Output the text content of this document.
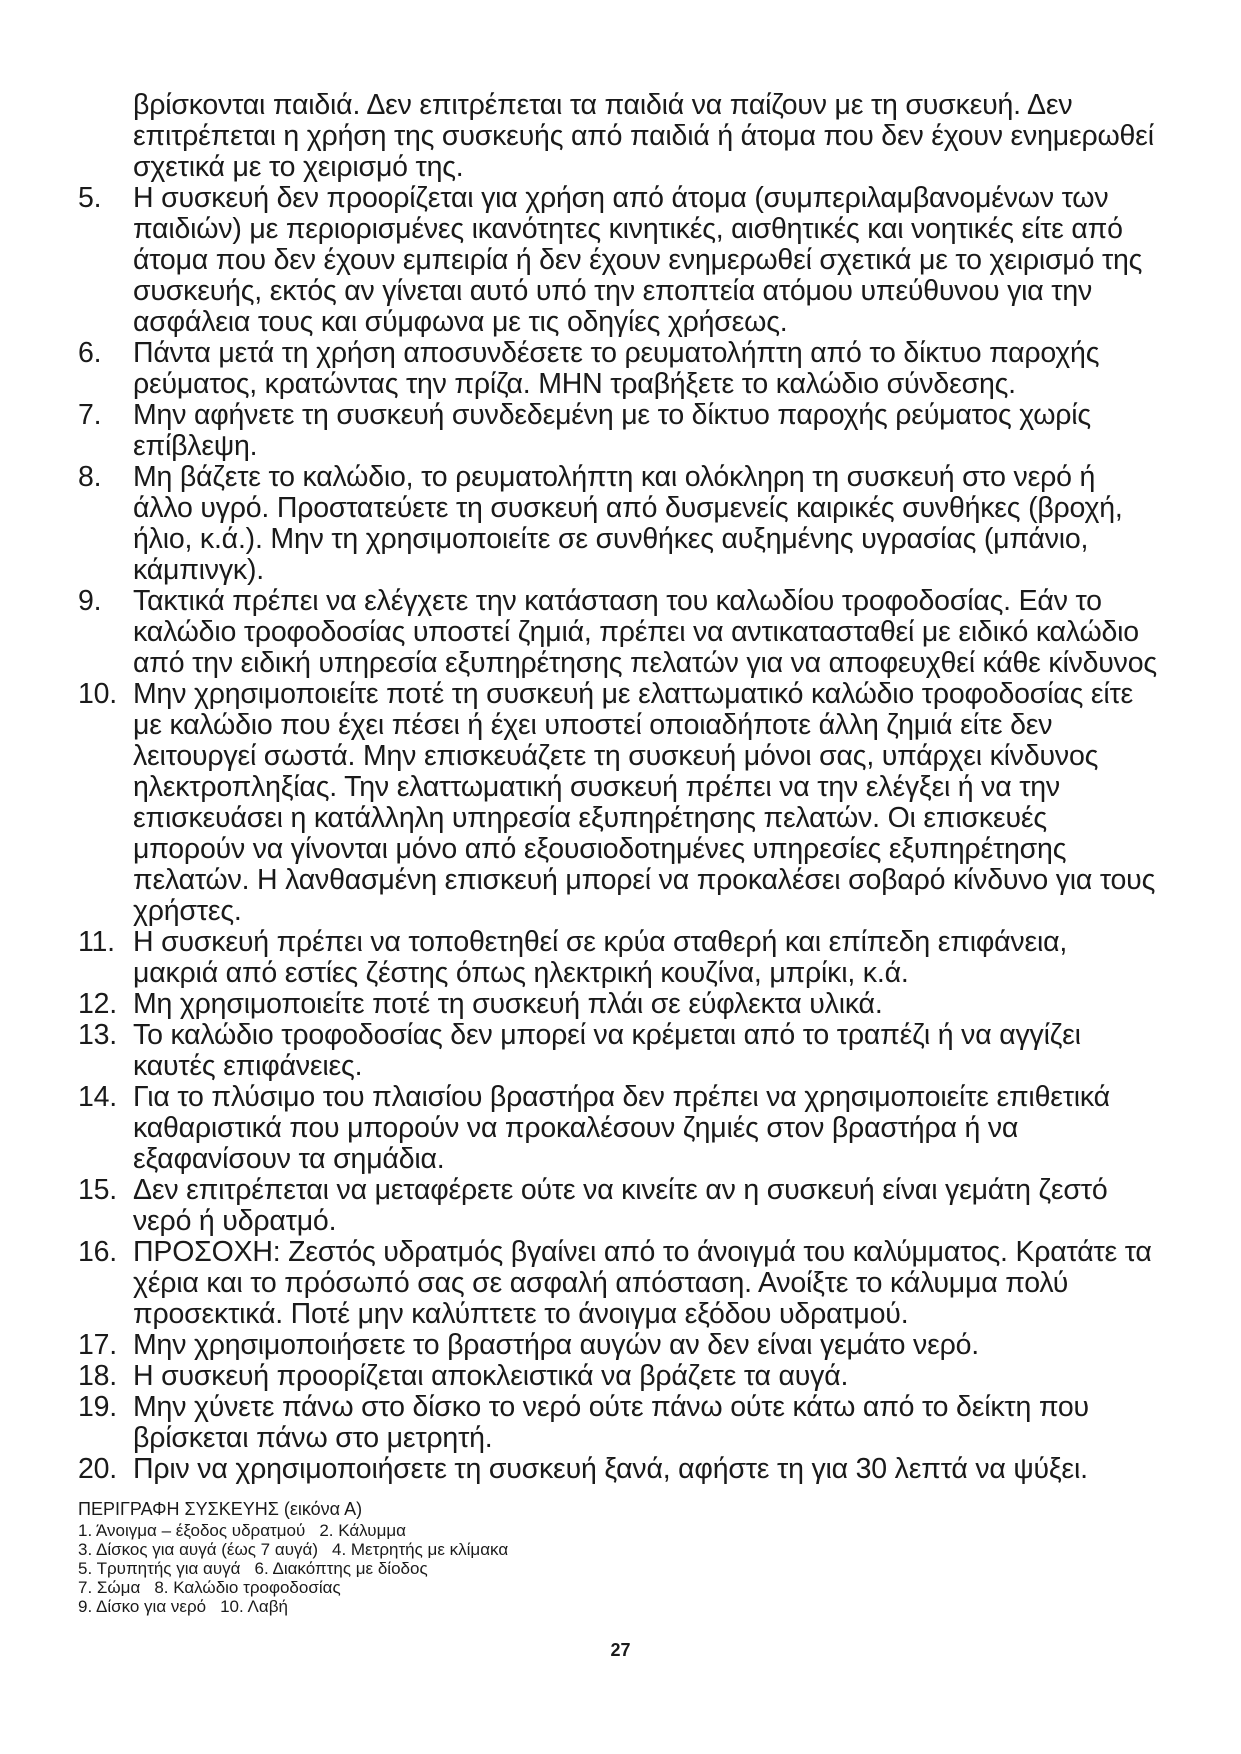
βρίσκονται παιδιά. Δεν επιτρέπεται τα παιδιά να παίζουν με τη συσκευή. Δεν επιτρέπεται η χρήση της συσκευής από παιδιά ή άτομα που δεν έχουν ενημερωθεί σχετικά με το χειρισμό της.
5. Η συσκευή δεν προορίζεται για χρήση από άτομα (συμπεριλαμβανομένων των παιδιών) με περιορισμένες ικανότητες κινητικές, αισθητικές και νοητικές είτε από άτομα που δεν έχουν εμπειρία ή δεν έχουν ενημερωθεί σχετικά με το χειρισμό της συσκευής, εκτός αν γίνεται αυτό υπό την εποπτεία ατόμου υπεύθυνου για την ασφάλεια τους και σύμφωνα με τις οδηγίες χρήσεως.
6. Πάντα μετά τη χρήση αποσυνδέσετε το ρευματολήπτη από το δίκτυο παροχής ρεύματος, κρατώντας την πρίζα. ΜΗΝ τραβήξετε το καλώδιο σύνδεσης.
7. Μην αφήνετε τη συσκευή συνδεδεμένη με το δίκτυο παροχής ρεύματος χωρίς επίβλεψη.
8. Μη βάζετε το καλώδιο, το ρευματολήπτη και ολόκληρη τη συσκευή στο νερό ή άλλο υγρό. Προστατεύετε τη συσκευή από δυσμενείς καιρικές συνθήκες (βροχή, ήλιο, κ.ά.). Μην τη χρησιμοποιείτε σε συνθήκες αυξημένης υγρασίας (μπάνιο, κάμπινγκ).
9. Τακτικά πρέπει να ελέγχετε την κατάσταση του καλωδίου τροφοδοσίας. Εάν το καλώδιο τροφοδοσίας υποστεί ζημιά, πρέπει να αντικατασταθεί με ειδικό καλώδιο από την ειδική υπηρεσία εξυπηρέτησης πελατών για να αποφευχθεί κάθε κίνδυνος
10. Μην χρησιμοποιείτε ποτέ τη συσκευή με ελαττωματικό καλώδιο τροφοδοσίας είτε με καλώδιο που έχει πέσει ή έχει υποστεί οποιαδήποτε άλλη ζημιά είτε δεν λειτουργεί σωστά. Μην επισκευάζετε τη συσκευή μόνοι σας, υπάρχει κίνδυνος ηλεκτροπληξίας. Την ελαττωματική συσκευή πρέπει να την ελέγξει ή να την επισκευάσει η κατάλληλη υπηρεσία εξυπηρέτησης πελατών. Οι επισκευές μπορούν να γίνονται μόνο από εξουσιοδοτημένες υπηρεσίες εξυπηρέτησης πελατών. Η λανθασμένη επισκευή μπορεί να προκαλέσει σοβαρό κίνδυνο για τους χρήστες.
11. Η συσκευή πρέπει να τοποθετηθεί σε κρύα σταθερή και επίπεδη επιφάνεια, μακριά από εστίες ζέστης όπως ηλεκτρική κουζίνα, μπρίκι, κ.ά.
12. Μη χρησιμοποιείτε ποτέ τη συσκευή πλάι σε εύφλεκτα υλικά.
13. Το καλώδιο τροφοδοσίας δεν μπορεί να κρέμεται από το τραπέζι ή να αγγίζει καυτές επιφάνειες.
14. Για το πλύσιμο του πλαισίου βραστήρα δεν πρέπει να χρησιμοποιείτε επιθετικά καθαριστικά που μπορούν να προκαλέσουν ζημιές στον βραστήρα ή να εξαφανίσουν τα σημάδια.
15. Δεν επιτρέπεται να μεταφέρετε ούτε να κινείτε αν η συσκευή είναι γεμάτη ζεστό νερό ή υδρατμό.
16. ΠΡΟΣΟΧΗ: Ζεστός υδρατμός βγαίνει από το άνοιγμά του καλύμματος. Κρατάτε τα χέρια και το πρόσωπό σας σε ασφαλή απόσταση. Ανοίξτε το κάλυμμα πολύ προσεκτικά. Ποτέ μην καλύπτετε το άνοιγμα εξόδου υδρατμού.
17. Μην χρησιμοποιήσετε το βραστήρα αυγών αν δεν είναι γεμάτο νερό.
18. Η συσκευή προορίζεται αποκλειστικά να βράζετε τα αυγά.
19. Μην χύνετε πάνω στο δίσκο το νερό ούτε πάνω ούτε κάτω από το δείκτη που βρίσκεται πάνω στο μετρητή.
20. Πριν να χρησιμοποιήσετε τη συσκευή ξανά, αφήστε τη για 30 λεπτά να ψύξει.
ΠΕΡΙΓΡΑΦΗ ΣΥΣΚΕΥΗΣ (εικόνα Α)
1. Άνοιγμα – έξοδος υδρατμού 2. Κάλυμμα
3. Δίσκος για αυγά (έως 7 αυγά) 4. Μετρητής με κλίμακα
5. Τρυπητής για αυγά 6. Διακόπτης με δίοδος
7. Σώμα 8. Καλώδιο τροφοδοσίας
9. Δίσκο για νερό 10. Λαβή
27
